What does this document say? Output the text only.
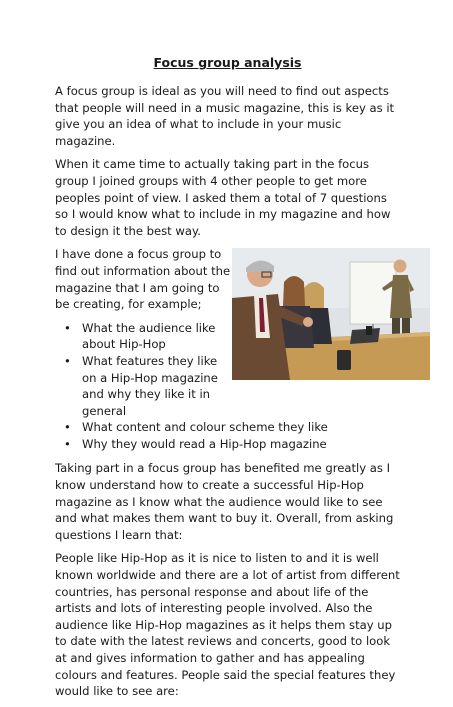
Focus group analysis

A focus group is ideal as you will need to find out aspects that people will need in a music magazine, this is key as it give you an idea of what to include in your music magazine.

When it came time to actually taking part in the focus group I joined groups with 4 other people to get more peoples point of view. I asked them a total of 7 questions so I would know what to include in my magazine and how to design it the best way.

I have done a focus group to find out information about the magazine that I am going to be creating, for example;

• What the audience like about Hip-Hop
• What features they like on a Hip-Hop magazine and why they like it in general
• What content and colour scheme they like
• Why they would read a Hip-Hop magazine

Taking part in a focus group has benefited me greatly as I know understand how to create a successful Hip-Hop magazine as I know what the audience would like to see and what makes them want to buy it. Overall, from asking questions I learn that:

People like Hip-Hop as it is nice to listen to and it is well known worldwide and there are a lot of artist from different countries, has personal response and about life of the artists and lots of interesting people involved. Also the audience like Hip-Hop magazines as it helps them stay up to date with the latest reviews and concerts, good to look at and gives information to gather and has appealing colours and features. People said the special features they would like to see are:
